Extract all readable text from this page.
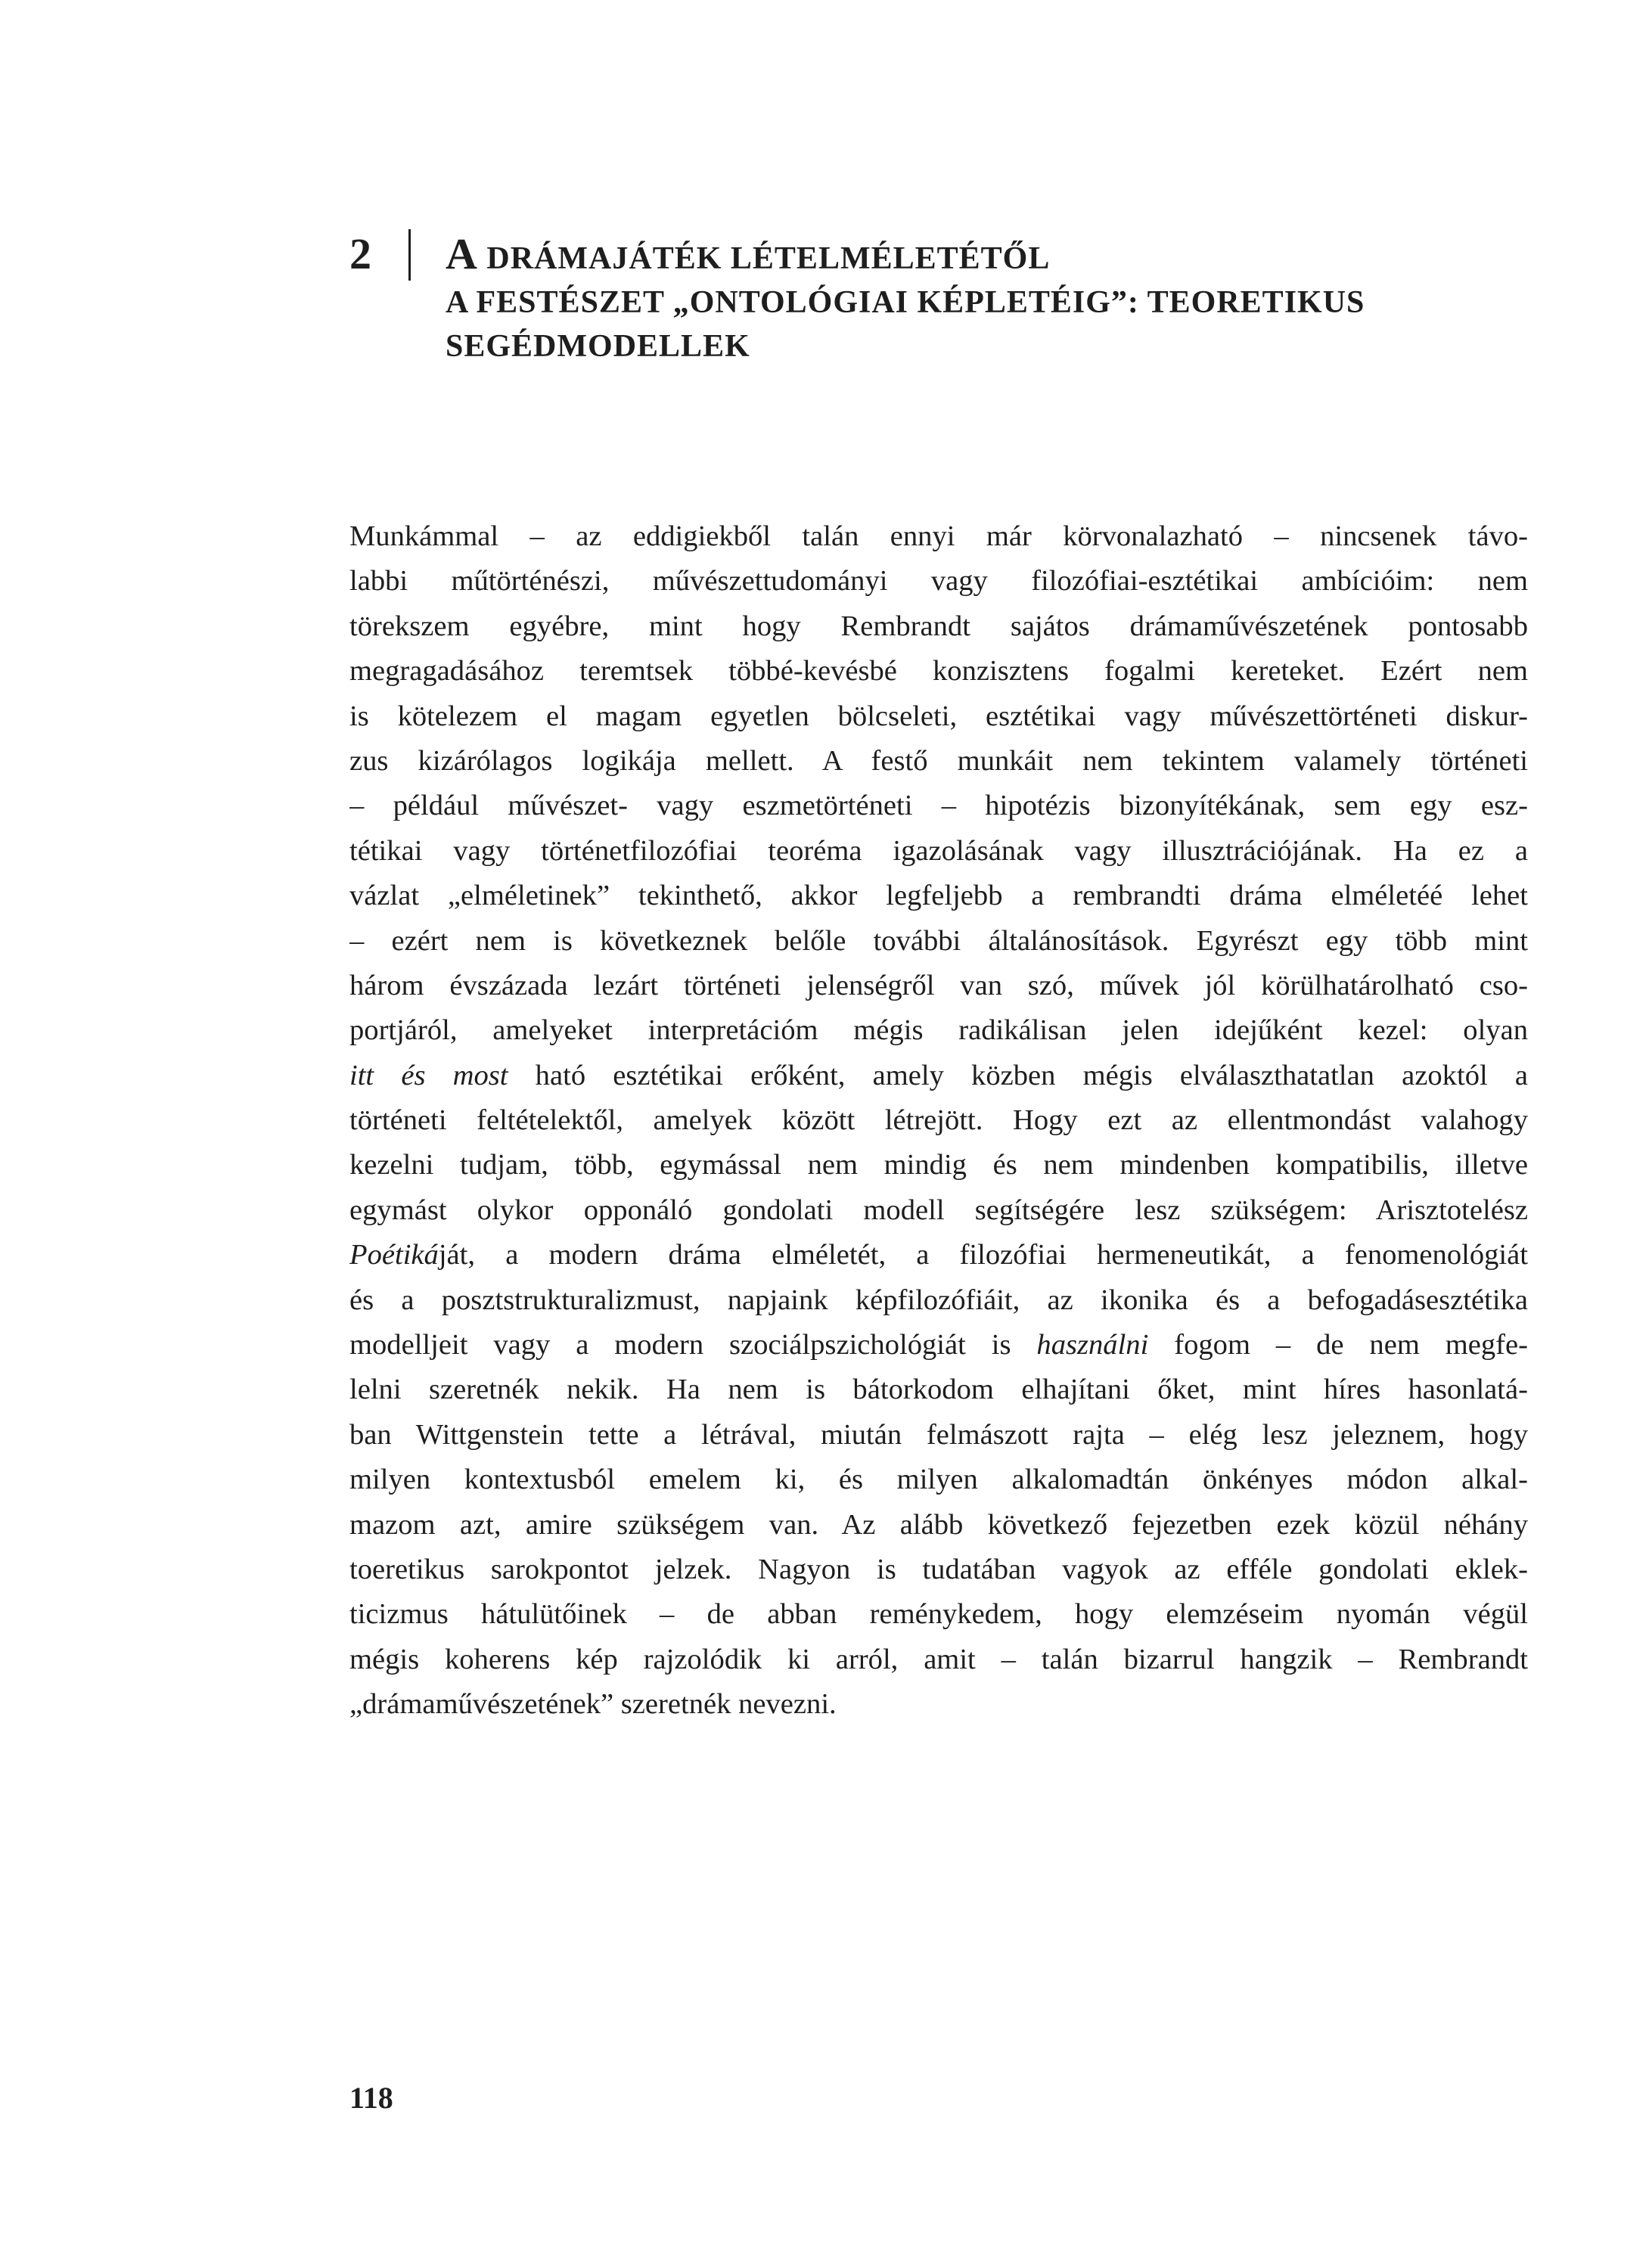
2	A DRÁMAJÁTÉK LÉTELMÉLETÉTŐL
A FESTÉSZET „ONTOLÓGIAI KÉPLETÉIG”: TEORETIKUS
SEGÉDMODELLEK
Munkámmal – az eddigiekből talán ennyi már körvonalazható – nincsenek távo-
labbi műtörténészi, művészettudományi vagy filozófiai-esztétikai ambícióim: nem
törekszem egyébre, mint hogy Rembrandt sajátos drámaművészetének pontosabb
megragadásához teremtsek többé-kevésbé konzisztens fogalmi kereteket. Ezért nem
is kötelezem el magam egyetlen bölcseleti, esztétikai vagy művészettörténeti diskur-
zus kizárólagos logikája mellett. A festő munkáit nem tekintem valamely történeti
– például művészet- vagy eszmetörténeti – hipotézis bizonyítékának, sem egy esz-
tétikai vagy történetfilozófiai teoréma igazolásának vagy illusztrációjának. Ha ez a
vázlat „elméletinek” tekinthető, akkor legfeljebb a rembrandti dráma elméletéé lehet
– ezért nem is következnek belőle további általánosítások. Egyrészt egy több mint
három évszázada lezárt történeti jelenségről van szó, művek jól körülhatárolható cso-
portjáról, amelyeket interpretációm mégis radikálisan jelen idejűként kezel: olyan
itt és most ható esztétikai erőként, amely közben mégis elválaszthatatlan azoktól a
történeti feltételektől, amelyek között létrejött. Hogy ezt az ellentmondást valahogy
kezelni tudjam, több, egymással nem mindig és nem mindenben kompatibilis, illetve
egymást olykor opponáló gondolati modell segítségére lesz szükségem: Arisztotelész
Poétikáját, a modern dráma elméletét, a filozófiai hermeneutikát, a fenomenológiát
és a posztstrukturalizmust, napjaink képfilozófiáit, az ikonika és a befogadásesztétika
modelljeit vagy a modern szociálpszichológiát is használni fogom – de nem megfe-
lelni szeretnék nekik. Ha nem is bátorkodom elhajítani őket, mint híres hasonlatá-
ban Wittgenstein tette a létrával, miután felmászott rajta – elég lesz jeleznem, hogy
milyen kontextusból emelem ki, és milyen alkalomadtán önkényes módon alkal-
mazom azt, amire szükségem van. Az alább következő fejezetben ezek közül néhány
toeretikus sarokpontot jelzek. Nagyon is tudatában vagyok az efféle gondolati eklek-
ticizmus hátulütőinek – de abban reménykedem, hogy elemzéseim nyomán végül
mégis koherens kép rajzolódik ki arról, amit – talán bizarrul hangzik – Rembrandt
„drámaművészetének” szeretnék nevezni.
118
